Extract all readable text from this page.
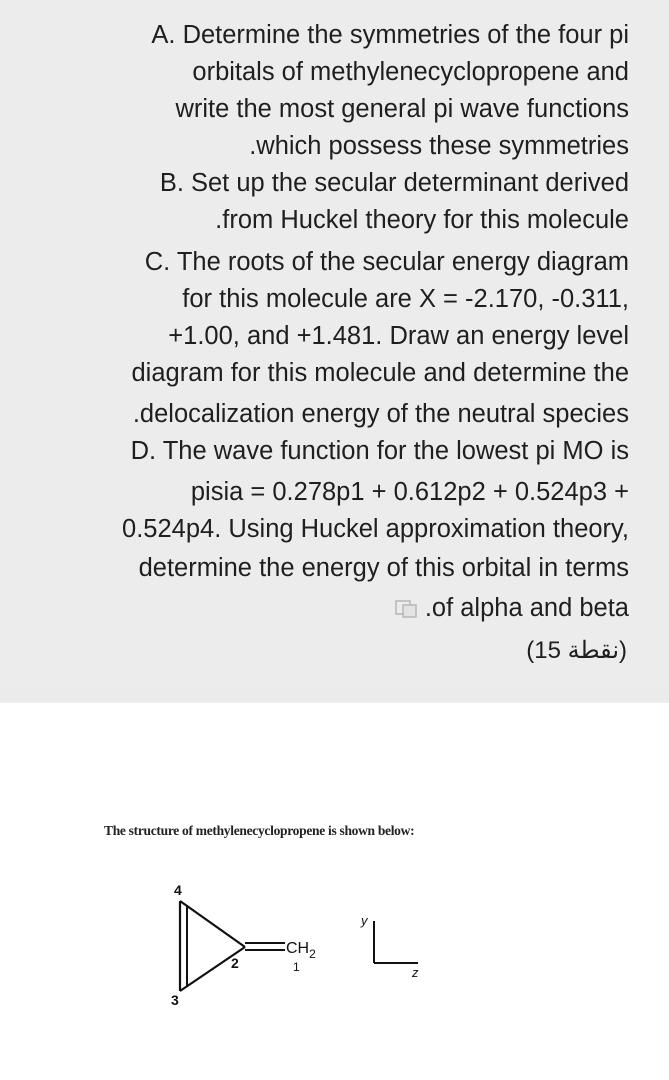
A. Determine the symmetries of the four pi

orbitals of methylenecyclopropene and

write the most general pi wave functions

.which possess these symmetries

B. Set up the secular determinant derived

.from Huckel theory for this molecule

C. The roots of the secular energy diagram

for this molecule are X = -2.170, -0.311,

+1.00, and +1.481. Draw an energy level

diagram for this molecule and determine the

.delocalization energy of the neutral species

D. The wave function for the lowest pi MO is

pisia = 0.278p1 + 0.612p2 + 0.524p3 +

0.524p4. Using Huckel approximation theory,

determine the energy of this orbital in terms

.of alpha and beta

(نقطة 15)

The structure of methylenecyclopropene is shown below:

4
3
2
$CH_2$
1
y
z
